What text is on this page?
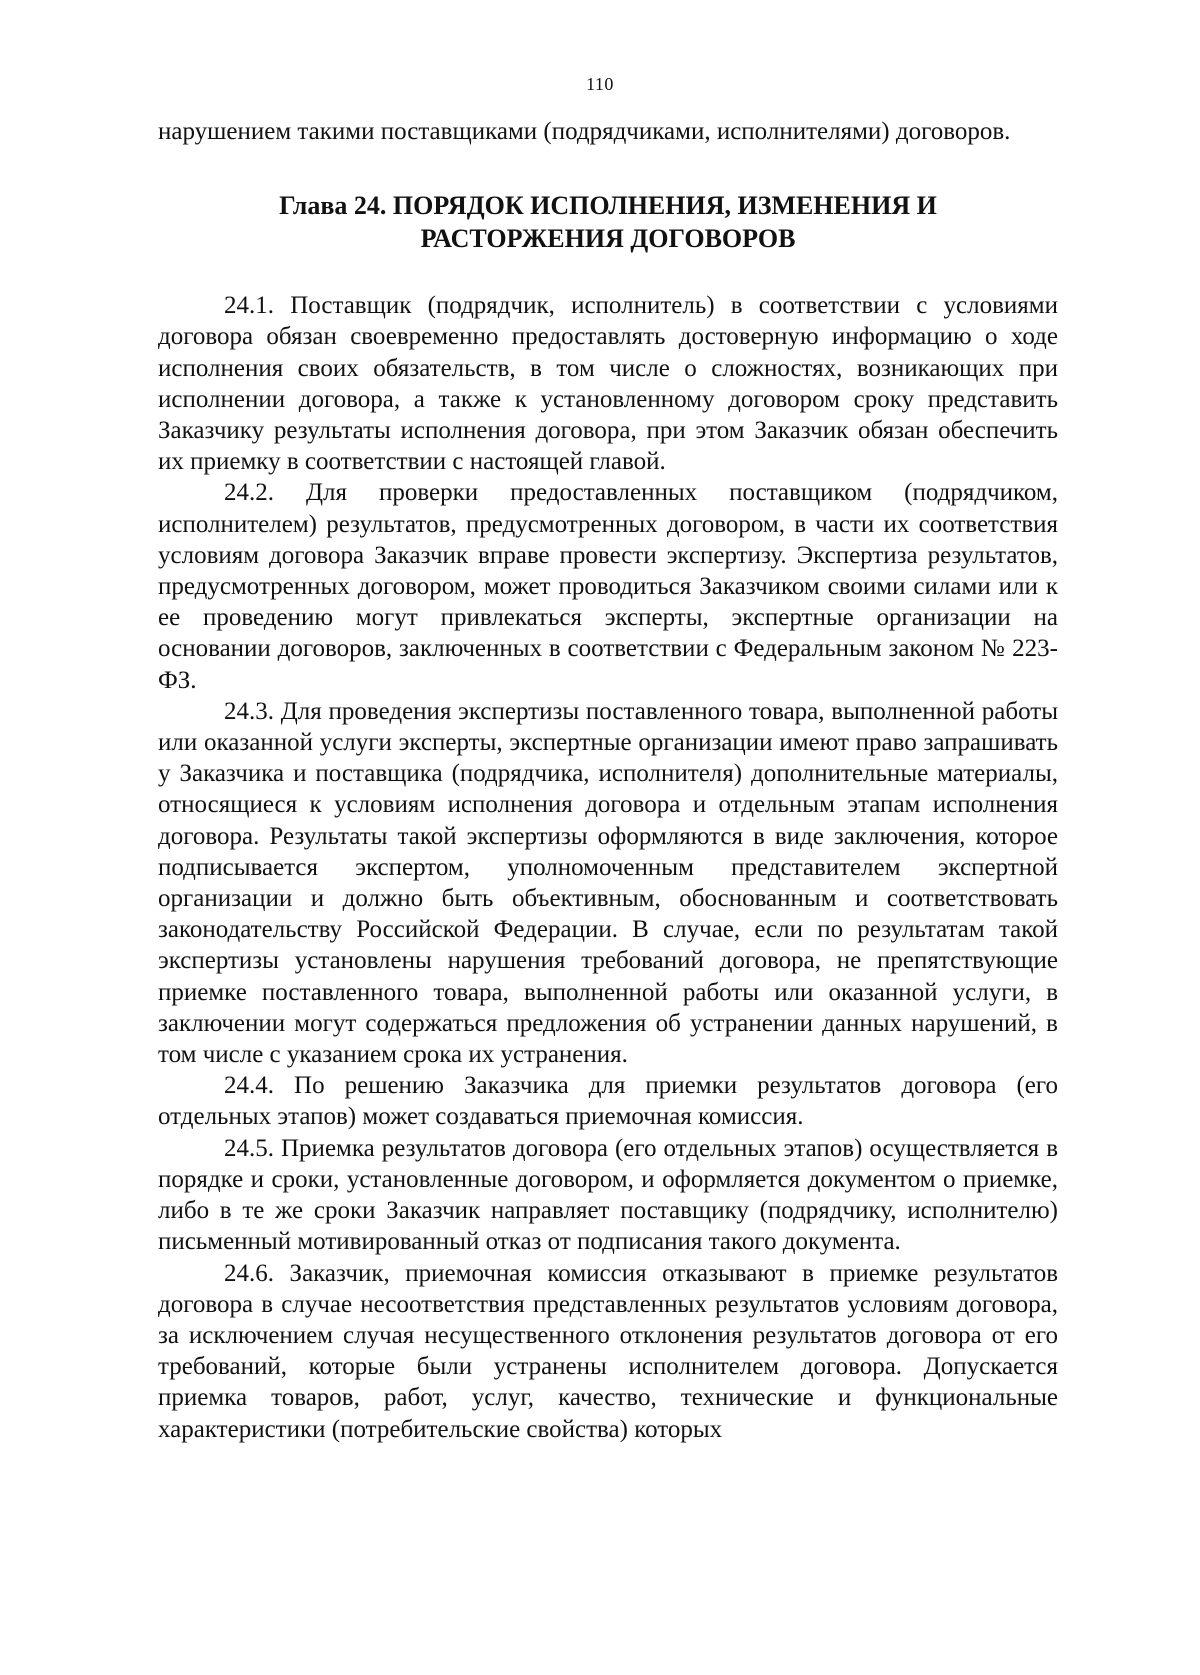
110

нарушением такими поставщиками (подрядчиками, исполнителями) договоров.

Глава 24. ПОРЯДОК ИСПОЛНЕНИЯ, ИЗМЕНЕНИЯ И
РАСТОРЖЕНИЯ ДОГОВОРОВ

24.1. Поставщик (подрядчик, исполнитель) в соответствии с условиями договора обязан своевременно предоставлять достоверную информацию о ходе исполнения своих обязательств, в том числе о сложностях, возникающих при исполнении договора, а также к установленному договором сроку представить Заказчику результаты исполнения договора, при этом Заказчик обязан обеспечить их приемку в соответствии с настоящей главой.

24.2. Для проверки предоставленных поставщиком (подрядчиком, исполнителем) результатов, предусмотренных договором, в части их соответствия условиям договора Заказчик вправе провести экспертизу. Экспертиза результатов, предусмотренных договором, может проводиться Заказчиком своими силами или к ее проведению могут привлекаться эксперты, экспертные организации на основании договоров, заключенных в соответствии с Федеральным законом № 223-ФЗ.

24.3. Для проведения экспертизы поставленного товара, выполненной работы или оказанной услуги эксперты, экспертные организации имеют право запрашивать у Заказчика и поставщика (подрядчика, исполнителя) дополнительные материалы, относящиеся к условиям исполнения договора и отдельным этапам исполнения договора. Результаты такой экспертизы оформляются в виде заключения, которое подписывается экспертом, уполномоченным представителем экспертной организации и должно быть объективным, обоснованным и соответствовать законодательству Российской Федерации. В случае, если по результатам такой экспертизы установлены нарушения требований договора, не препятствующие приемке поставленного товара, выполненной работы или оказанной услуги, в заключении могут содержаться предложения об устранении данных нарушений, в том числе с указанием срока их устранения.

24.4. По решению Заказчика для приемки результатов договора (его отдельных этапов) может создаваться приемочная комиссия.

24.5. Приемка результатов договора (его отдельных этапов) осуществляется в порядке и сроки, установленные договором, и оформляется документом о приемке, либо в те же сроки Заказчик направляет поставщику (подрядчику, исполнителю) письменный мотивированный отказ от подписания такого документа.

24.6. Заказчик, приемочная комиссия отказывают в приемке результатов договора в случае несоответствия представленных результатов условиям договора, за исключением случая несущественного отклонения результатов договора от его требований, которые были устранены исполнителем договора. Допускается приемка товаров, работ, услуг, качество, технические и функциональные характеристики (потребительские свойства) которых
